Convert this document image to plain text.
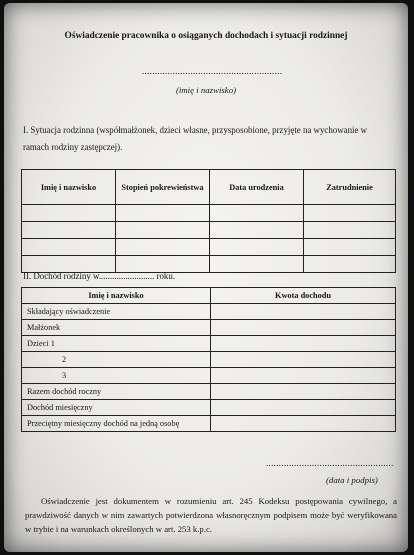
Oświadczenie pracownika o osiąganych dochodach i sytuacji rodzinnej
.......................................................
(imię i nazwisko)
I. Sytuacja rodzinna (współmałżonek, dzieci własne, przysposobione, przyjęte na wychowanie w ramach rodziny zastępczej).
Imię i nazwisko	Stopień pokrewieństwa	Data urodzenia	Zatrudnienie

II. Dochód rodziny w......................... roku.
Imię i nazwisko	Kwota dochodu
Składający oświadczenie	
Małżonek	
Dzieci 1	
2	
3	
Razem dochód roczny	
Dochód miesięczny	
Przeciętny miesięczny dochód na jedną osobę	
..................................................
(data i podpis)
Oświadczenie jest dokumentem w rozumieniu art. 245 Kodeksu postępowania cywilnego, a prawdziwość danych w nim zawartych potwierdzona własnoręcznym podpisem może być weryfikowana w trybie i na warunkach określonych w art. 253 k.p.c.
